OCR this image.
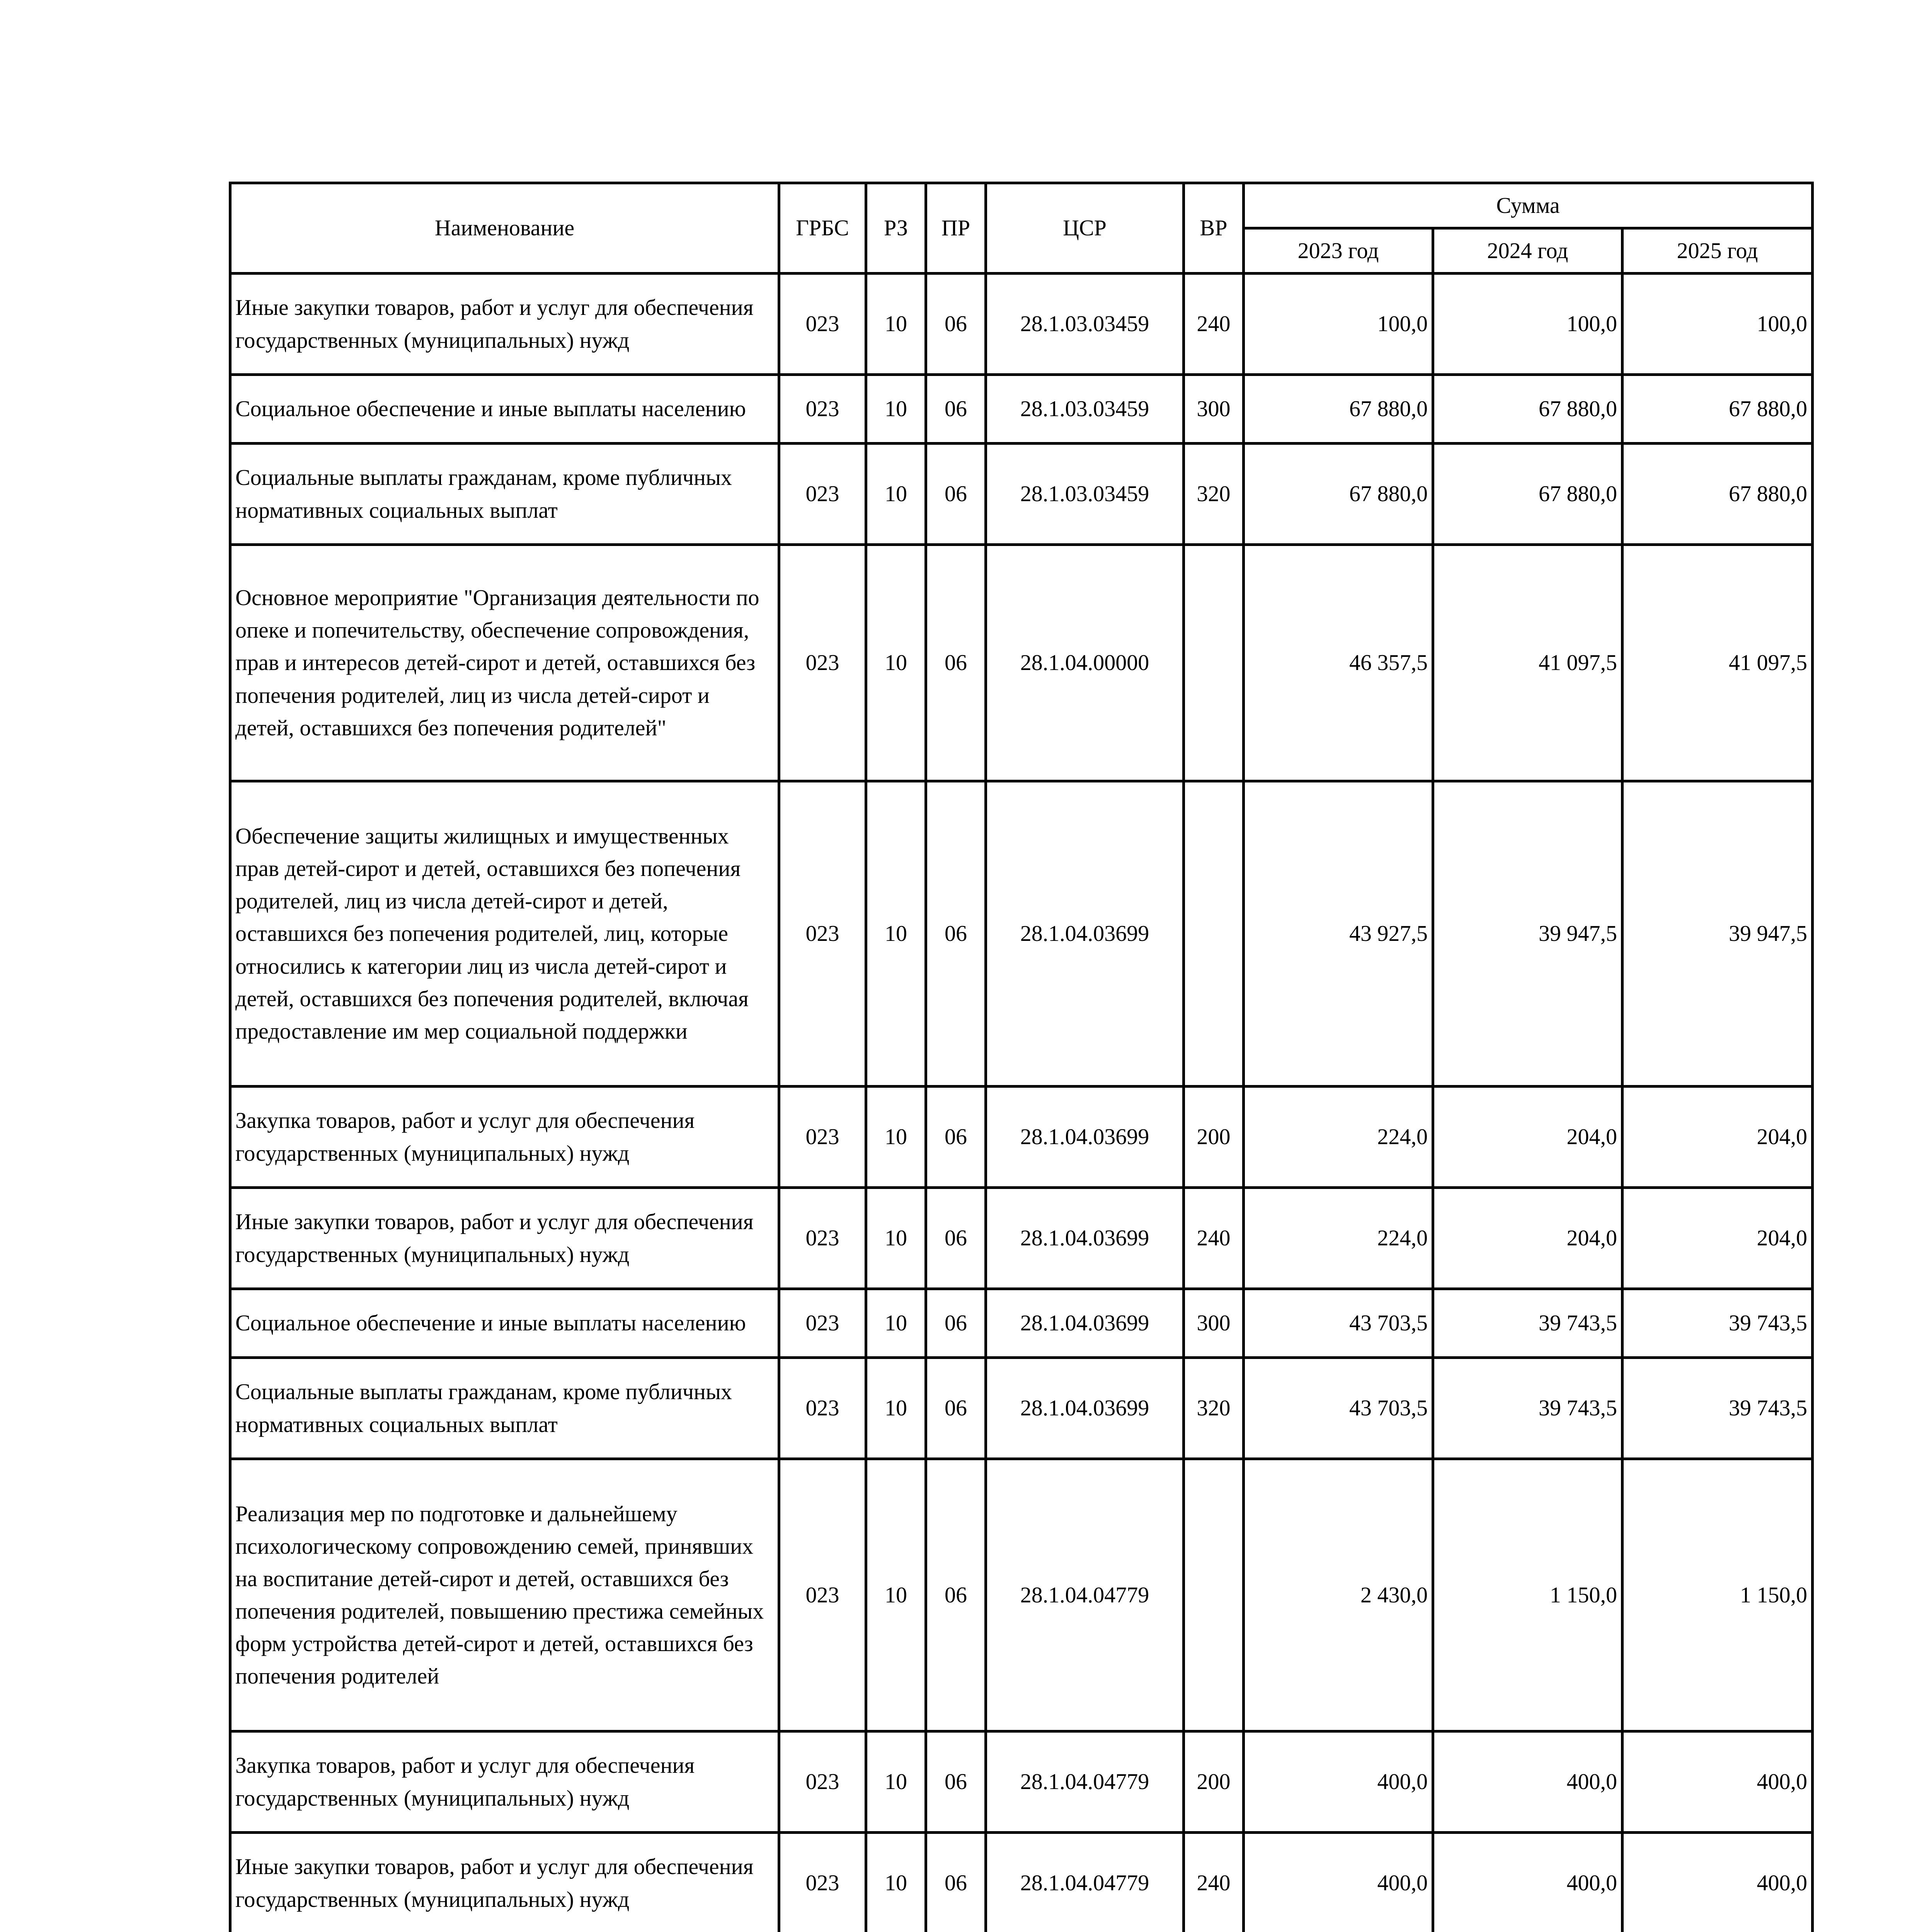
Наименование	ГРБС	РЗ	ПР	ЦСР	ВР	Сумма		
						2023 год	2024 год	2025 год
Иные закупки товаров, работ и услуг для обеспечения государственных (муниципальных) нужд	023	10	06	28.1.03.03459	240	100,0	100,0	100,0
Социальное обеспечение и иные выплаты населению	023	10	06	28.1.03.03459	300	67 880,0	67 880,0	67 880,0
Социальные выплаты гражданам, кроме публичных нормативных социальных выплат	023	10	06	28.1.03.03459	320	67 880,0	67 880,0	67 880,0
Основное мероприятие "Организация деятельности по опеке и попечительству, обеспечение сопровождения, прав и интересов детей-сирот и детей, оставшихся без попечения родителей, лиц из числа детей-сирот и детей, оставшихся без попечения родителей"	023	10	06	28.1.04.00000		46 357,5	41 097,5	41 097,5
Обеспечение защиты жилищных и имущественных прав детей-сирот и детей, оставшихся без попечения родителей, лиц из числа детей-сирот и детей, оставшихся без попечения родителей, лиц, которые относились к категории лиц из числа детей-сирот и детей, оставшихся без попечения родителей, включая предоставление им мер социальной поддержки	023	10	06	28.1.04.03699		43 927,5	39 947,5	39 947,5
Закупка товаров, работ и услуг для обеспечения государственных (муниципальных) нужд	023	10	06	28.1.04.03699	200	224,0	204,0	204,0
Иные закупки товаров, работ и услуг для обеспечения государственных (муниципальных) нужд	023	10	06	28.1.04.03699	240	224,0	204,0	204,0
Социальное обеспечение и иные выплаты населению	023	10	06	28.1.04.03699	300	43 703,5	39 743,5	39 743,5
Социальные выплаты гражданам, кроме публичных нормативных социальных выплат	023	10	06	28.1.04.03699	320	43 703,5	39 743,5	39 743,5
Реализация мер по подготовке и дальнейшему психологическому сопровождению семей, принявших на воспитание детей-сирот и детей, оставшихся без попечения родителей, повышению престижа семейных форм устройства детей-сирот и детей, оставшихся без попечения родителей	023	10	06	28.1.04.04779		2 430,0	1 150,0	1 150,0
Закупка товаров, работ и услуг для обеспечения государственных (муниципальных) нужд	023	10	06	28.1.04.04779	200	400,0	400,0	400,0
Иные закупки товаров, работ и услуг для обеспечения государственных (муниципальных) нужд	023	10	06	28.1.04.04779	240	400,0	400,0	400,0
